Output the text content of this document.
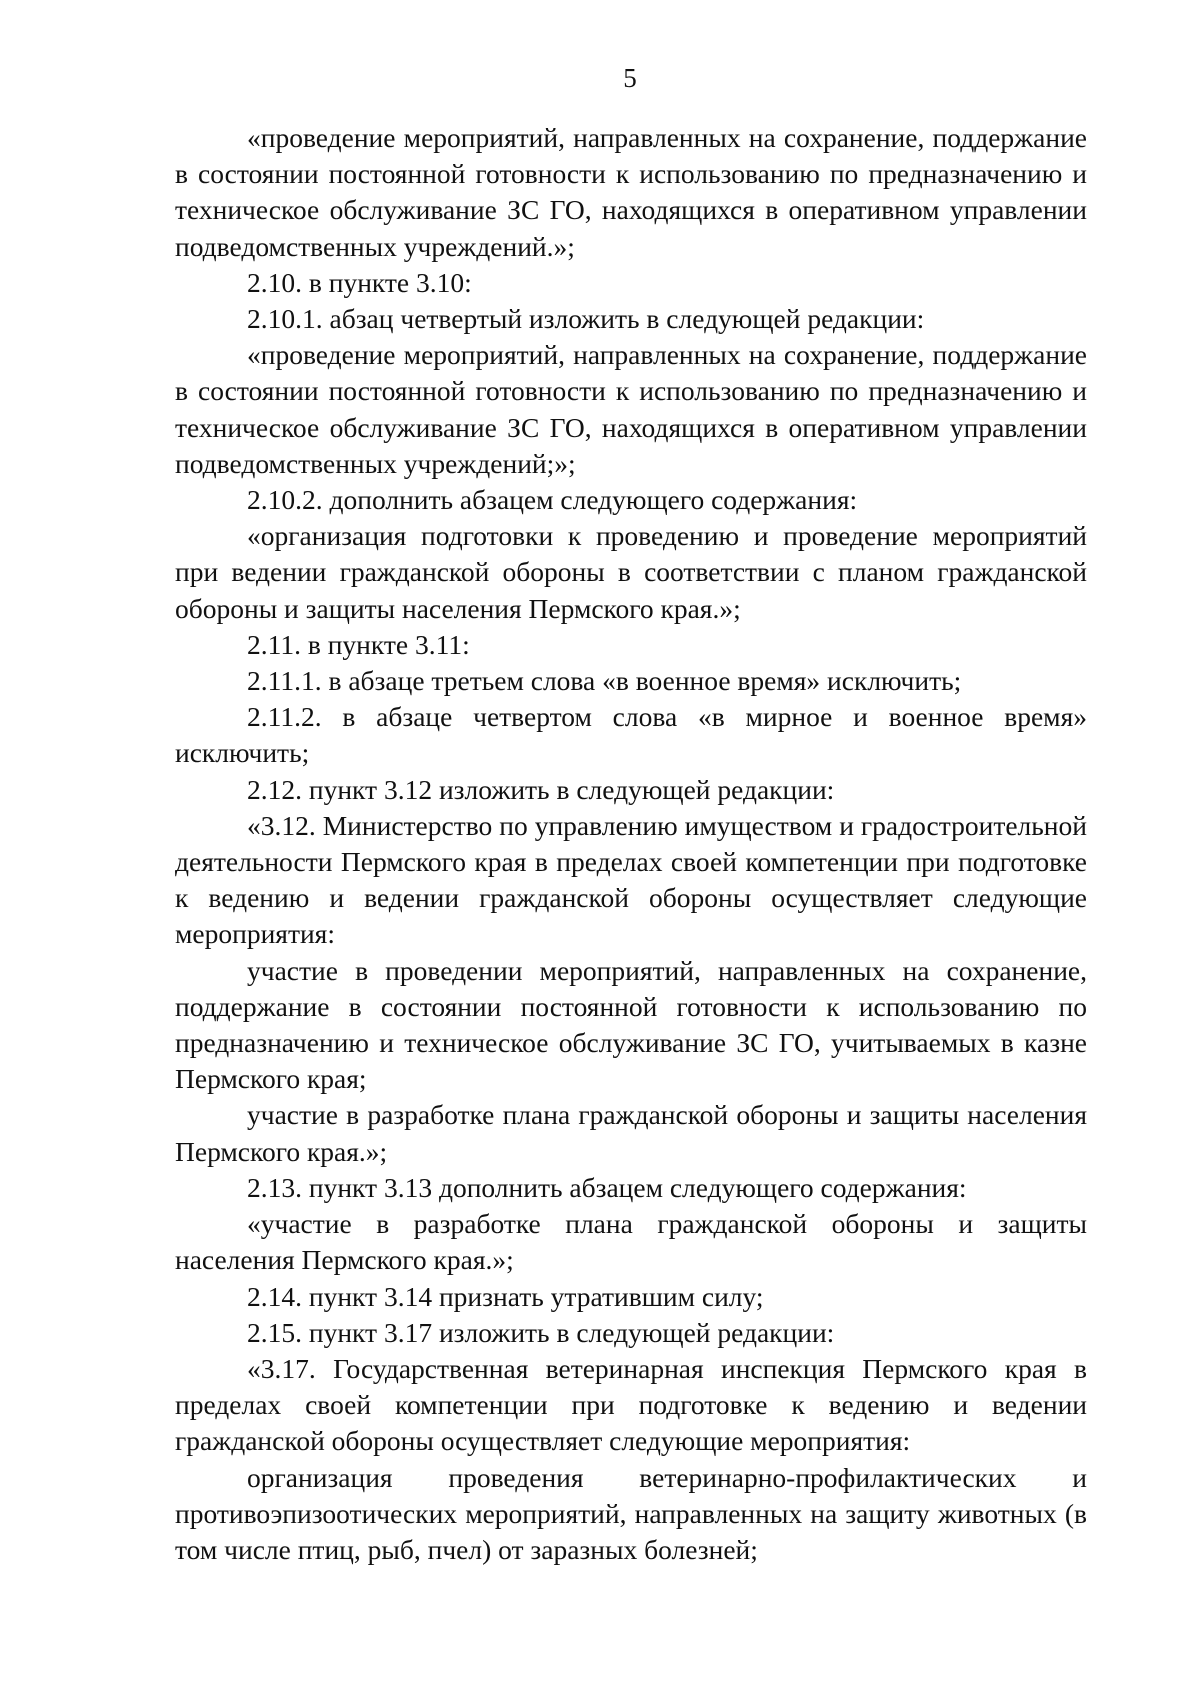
5

«проведение мероприятий, направленных на сохранение, поддержание в состоянии постоянной готовности к использованию по предназначению и техническое обслуживание ЗС ГО, находящихся в оперативном управлении подведомственных учреждений.»;

2.10. в пункте 3.10:

2.10.1. абзац четвертый изложить в следующей редакции:

«проведение мероприятий, направленных на сохранение, поддержание в состоянии постоянной готовности к использованию по предназначению и техническое обслуживание ЗС ГО, находящихся в оперативном управлении подведомственных учреждений;»;

2.10.2. дополнить абзацем следующего содержания:

«организация подготовки к проведению и проведение мероприятий при ведении гражданской обороны в соответствии с планом гражданской обороны и защиты населения Пермского края.»;

2.11. в пункте 3.11:

2.11.1. в абзаце третьем слова «в военное время» исключить;

2.11.2. в абзаце четвертом слова «в мирное и военное время» исключить;

2.12. пункт 3.12 изложить в следующей редакции:

«3.12. Министерство по управлению имуществом и градостроительной деятельности Пермского края в пределах своей компетенции при подготовке к ведению и ведении гражданской обороны осуществляет следующие мероприятия:

участие в проведении мероприятий, направленных на сохранение, поддержание в состоянии постоянной готовности к использованию по предназначению и техническое обслуживание ЗС ГО, учитываемых в казне Пермского края;

участие в разработке плана гражданской обороны и защиты населения Пермского края.»;

2.13. пункт 3.13 дополнить абзацем следующего содержания:

«участие в разработке плана гражданской обороны и защиты населения Пермского края.»;

2.14. пункт 3.14 признать утратившим силу;

2.15. пункт 3.17 изложить в следующей редакции:

«3.17. Государственная ветеринарная инспекция Пермского края в пределах своей компетенции при подготовке к ведению и ведении гражданской обороны осуществляет следующие мероприятия:

организация проведения ветеринарно-профилактических и противоэпизоотических мероприятий, направленных на защиту животных (в том числе птиц, рыб, пчел) от заразных болезней;
